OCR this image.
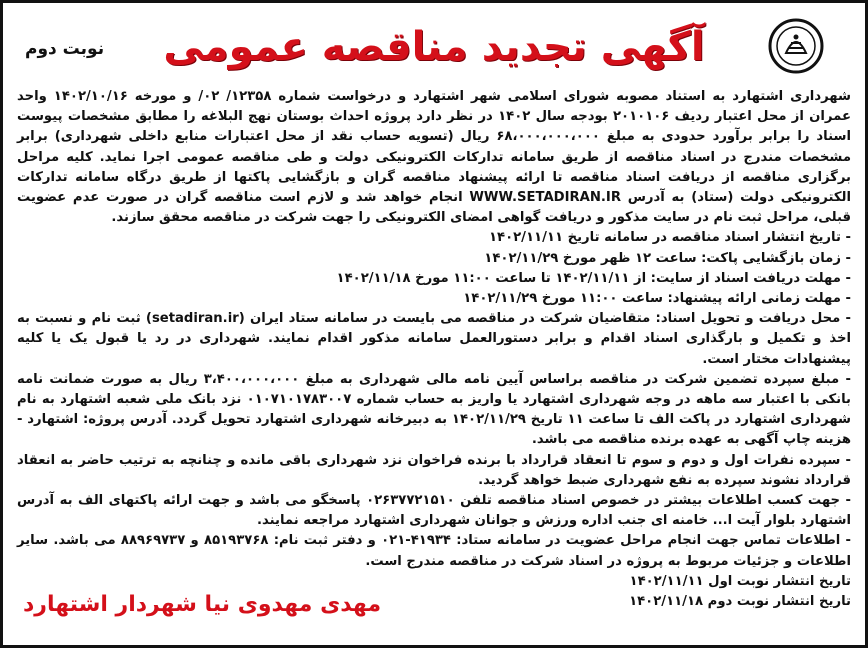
آگهی تجدید مناقصه عمومی
نوبت دوم

شهرداری اشتهارد به استناد مصوبه شورای اسلامی شهر اشتهارد و درخواست شماره ۱۲۳۵۸/ ۰۲/ و مورخه ۱۴۰۲/۱۰/۱۶ واحد عمران از محل اعتبار ردیف ۲۰۱۰۱۰۶ بودجه سال ۱۴۰۲ در نظر دارد پروژه احداث بوستان نهج البلاغه را مطابق مشخصات پیوست اسناد را برابر برآورد حدودی به مبلغ ۶۸،۰۰۰،۰۰۰،۰۰۰ ریال (تسویه حساب نقد از محل اعتبارات منابع داخلی شهرداری) برابر مشخصات مندرج در اسناد مناقصه از طریق سامانه تدارکات الکترونیکی دولت و طی مناقصه عمومی اجرا نماید. کلیه مراحل برگزاری مناقصه از دریافت اسناد مناقصه تا ارائه پیشنهاد مناقصه گران و بازگشایی پاکتها از طریق درگاه سامانه تدارکات الکترونیکی دولت (ستاد) به آدرس WWW.SETADIRAN.IR انجام خواهد شد و لازم است مناقصه گران در صورت عدم عضویت قبلی، مراحل ثبت نام در سایت مذکور و دریافت گواهی امضای الکترونیکی را جهت شرکت در مناقصه محقق سازند.

- تاریخ انتشار اسناد مناقصه در سامانه تاریخ ۱۴۰۲/۱۱/۱۱
- زمان بازگشایی پاکت: ساعت ۱۲ ظهر مورخ ۱۴۰۲/۱۱/۲۹
- مهلت دریافت اسناد از سایت: از ۱۴۰۲/۱۱/۱۱ تا ساعت ۱۱:۰۰ مورخ ۱۴۰۲/۱۱/۱۸
- مهلت زمانی ارائه پیشنهاد: ساعت ۱۱:۰۰ مورخ ۱۴۰۲/۱۱/۲۹
- محل دریافت و تحویل اسناد: متقاضیان شرکت در مناقصه می بایست در سامانه ستاد ایران (setadiran.ir) ثبت نام و نسبت به اخذ و تکمیل و بارگذاری اسناد اقدام و برابر دستورالعمل سامانه مذکور اقدام نمایند. شهرداری در رد یا قبول یک یا کلیه پیشنهادات مختار است.
- مبلغ سپرده تضمین شرکت در مناقصه براساس آیین نامه مالی شهرداری به مبلغ ۳،۴۰۰،۰۰۰،۰۰۰ ریال به صورت ضمانت نامه بانکی با اعتبار سه ماهه در وجه شهرداری اشتهارد یا واریز به حساب شماره ۰۱۰۷۱۰۱۷۸۳۰۰۷ نزد بانک ملی شعبه اشتهارد به نام شهرداری اشتهارد در پاکت الف تا ساعت ۱۱ تاریخ ۱۴۰۲/۱۱/۲۹ به دبیرخانه شهرداری اشتهارد تحویل گردد. آدرس پروژه: اشتهارد - هزینه چاپ آگهی به عهده برنده مناقصه می باشد.
- سپرده نفرات اول و دوم و سوم تا انعقاد قرارداد با برنده فراخوان نزد شهرداری باقی مانده و چنانچه به ترتیب حاضر به انعقاد قرارداد نشوند سپرده به نفع شهرداری ضبط خواهد گردید.
- جهت کسب اطلاعات بیشتر در خصوص اسناد مناقصه تلفن ۰۲۶۳۷۷۲۱۵۱۰ پاسخگو می باشد و جهت ارائه پاکتهای الف به آدرس اشتهارد بلوار آیت ا... خامنه ای جنب اداره ورزش و جوانان شهرداری اشتهارد مراجعه نمایند.
- اطلاعات تماس جهت انجام مراحل عضویت در سامانه ستاد: ۴۱۹۳۴-۰۲۱ و دفتر ثبت نام: ۸۵۱۹۳۷۶۸ و ۸۸۹۶۹۷۳۷ می باشد. سایر اطلاعات و جزئیات مربوط به پروژه در اسناد شرکت در مناقصه مندرج است.

تاریخ انتشار نوبت اول ۱۴۰۲/۱۱/۱۱

تاریخ انتشار نوبت دوم ۱۴۰۲/۱۱/۱۸

مهدی مهدوی نیا شهردار اشتهارد
